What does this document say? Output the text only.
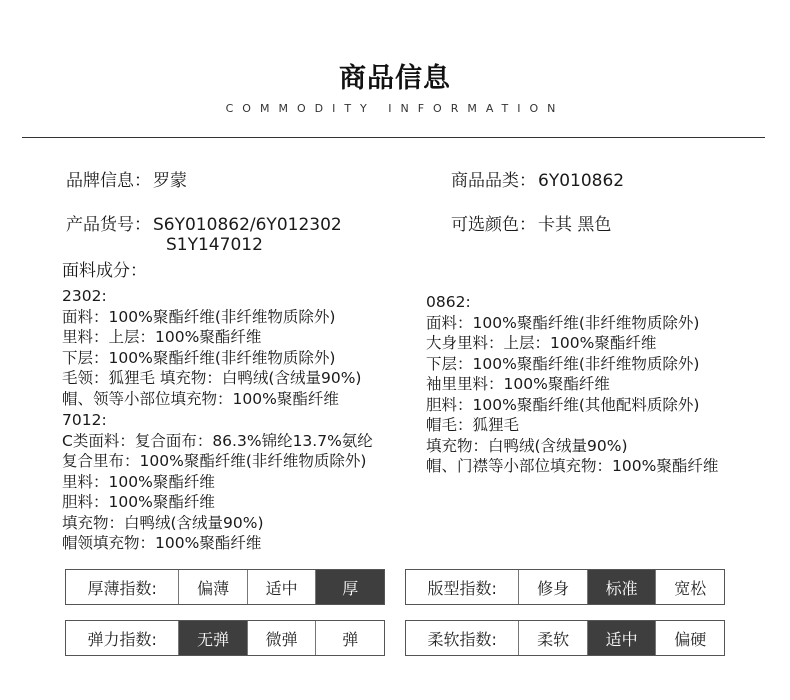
商品信息
COMMODITY INFORMATION
品牌信息： 罗蒙	商品品类： 6Y010862
产品货号： S6Y010862/6Y012302
S1Y147012
可选颜色： 卡其 黑色
面料成分：
2302:
面料：100%聚酯纤维(非纤维物质除外)
里料：上层：100%聚酯纤维
下层：100%聚酯纤维(非纤维物质除外)
毛领：狐狸毛 填充物：白鸭绒(含绒量90%)
帽、领等小部位填充物：100%聚酯纤维
7012:
C类面料：复合面布：86.3%锦纶13.7%氨纶
复合里布：100%聚酯纤维(非纤维物质除外)
里料：100%聚酯纤维
胆料：100%聚酯纤维
填充物：白鸭绒(含绒量90%)
帽领填充物：100%聚酯纤维
0862:
面料：100%聚酯纤维(非纤维物质除外)
大身里料：上层：100%聚酯纤维
下层：100%聚酯纤维(非纤维物质除外)
袖里里料：100%聚酯纤维
胆料：100%聚酯纤维(其他配料质除外)
帽毛：狐狸毛
填充物：白鸭绒(含绒量90%)
帽、门襟等小部位填充物：100%聚酯纤维
厚薄指数:	偏薄	适中	厚	版型指数:	修身	标准	宽松
弹力指数:	无弹	微弹	弹	柔软指数:	柔软	适中	偏硬
